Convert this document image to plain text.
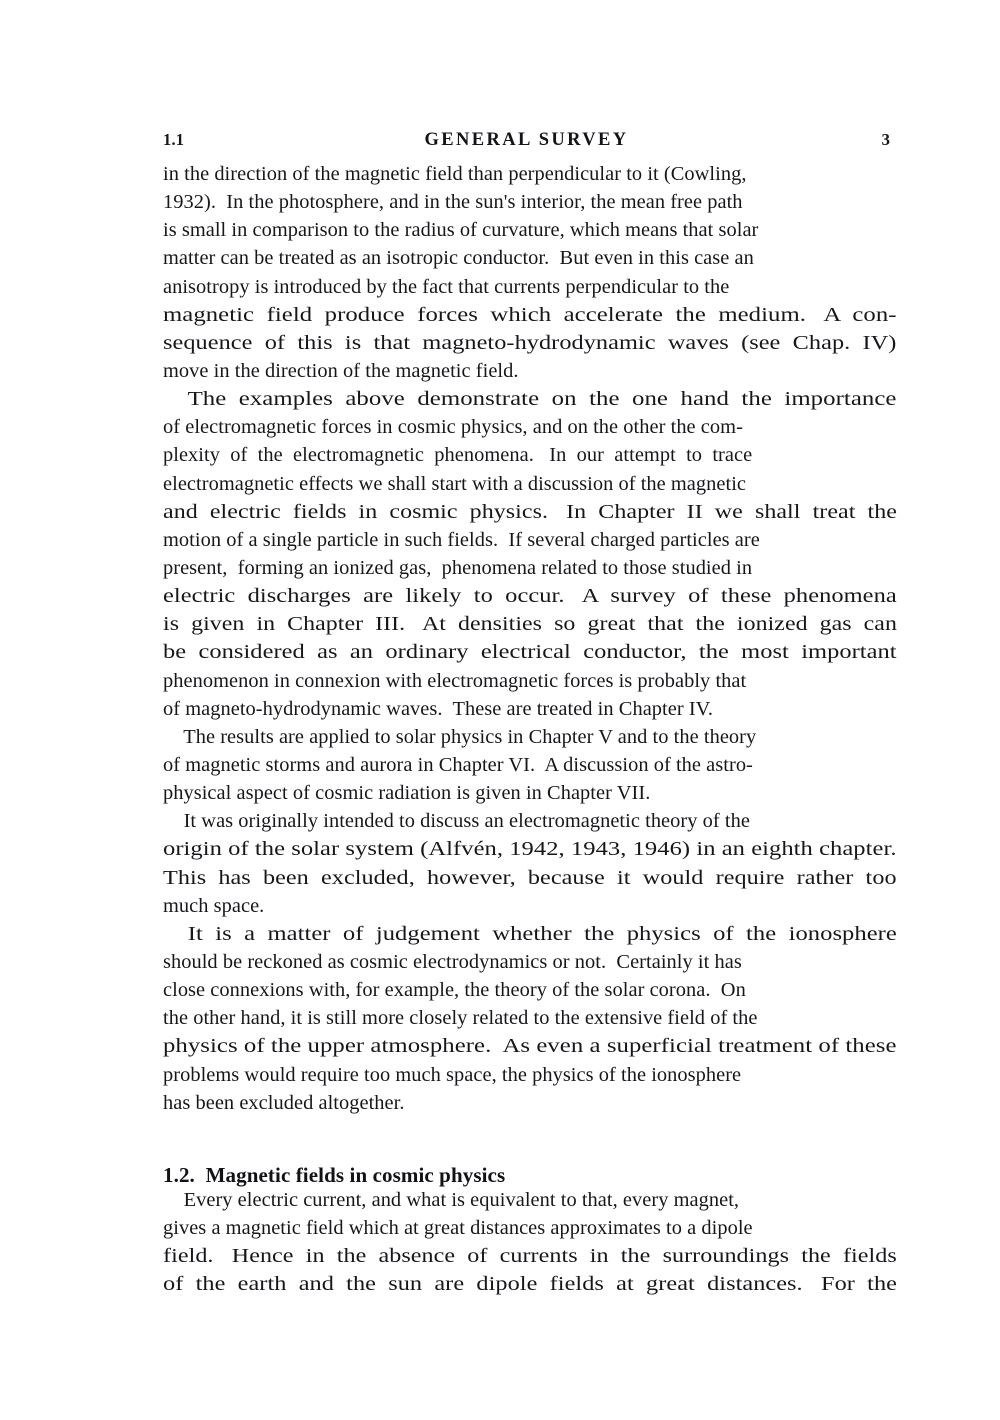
1.1	GENERAL SURVEY	3

in the direction of the magnetic field than perpendicular to it (Cowling,
1932).  In the photosphere, and in the sun's interior, the mean free path
is small in comparison to the radius of curvature, which means that solar
matter can be treated as an isotropic conductor.  But even in this case an
anisotropy is introduced by the fact that currents perpendicular to the
magnetic  field  produce  forces  which  accelerate  the  medium.   A  con- sequence  of  this  is  that  magneto-hydrodynamic  waves  (see  Chap.  IV)
move in the direction of the magnetic field.

The  examples  above  demonstrate  on  the  one  hand  the  importance
of electromagnetic forces in cosmic physics, and on the other the com-
plexity  of  the  electromagnetic  phenomena.   In  our  attempt  to  trace
electromagnetic effects we shall start with a discussion of the magnetic
and  electric  fields  in  cosmic  physics.   In  Chapter  II  we  shall  treat  the
motion of a single particle in such fields.  If several charged particles are
present,  forming an ionized gas,  phenomena related to those studied in
electric  discharges  are  likely  to  occur.   A  survey  of  these  phenomena is  given  in  Chapter  III.   At  densities  so  great  that  the  ionized  gas  can be  considered  as  an  ordinary  electrical  conductor,  the  most  important
phenomenon in connexion with electromagnetic forces is probably that
of magneto-hydrodynamic waves.  These are treated in Chapter IV.

The results are applied to solar physics in Chapter V and to the theory
of magnetic storms and aurora in Chapter VI.  A discussion of the astro-
physical aspect of cosmic radiation is given in Chapter VII.

It was originally intended to discuss an electromagnetic theory of the
origin of the solar system (Alfvén, 1942, 1943, 1946) in an eighth chapter. This  has  been  excluded,  however,  because  it  would  require  rather  too
much space.

It  is  a  matter  of  judgement  whether  the  physics  of  the  ionosphere
should be reckoned as cosmic electrodynamics or not.  Certainly it has
close connexions with, for example, the theory of the solar corona.  On
the other hand, it is still more closely related to the extensive field of the
physics of the upper atmosphere.  As even a superficial treatment of these
problems would require too much space, the physics of the ionosphere
has been excluded altogether.

1.2.  Magnetic fields in cosmic physics

Every electric current, and what is equivalent to that, every magnet,
gives a magnetic field which at great distances approximates to a dipole
field.   Hence  in  the  absence  of  currents  in  the  surroundings  the  fields of  the  earth  and  the  sun  are  dipole  fields  at  great  distances.   For  the
